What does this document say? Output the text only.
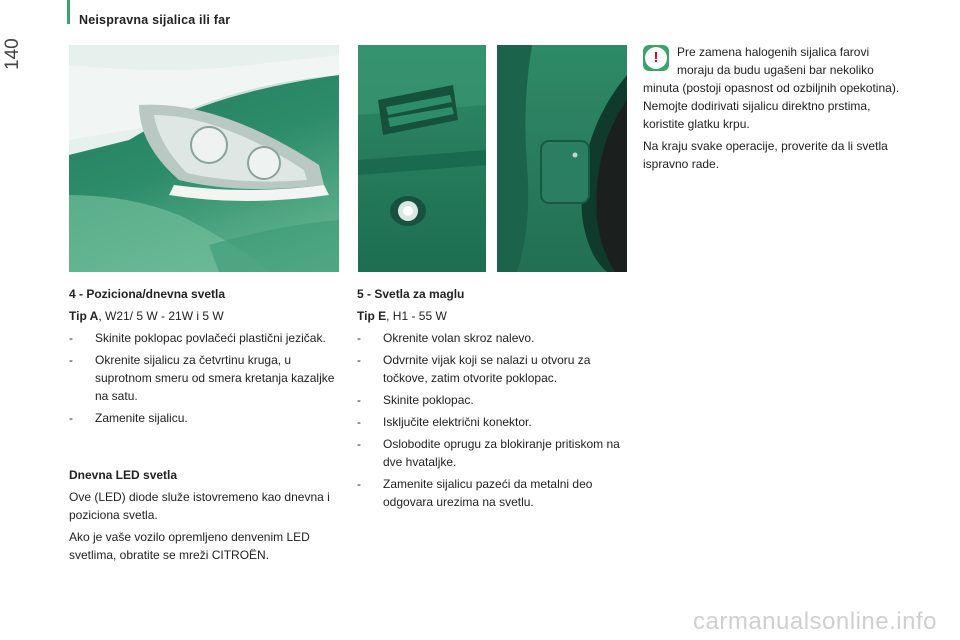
Neispravna sijalica ili far
140

4 - Poziciona/dnevna svetla

Tip A, W21/ 5 W - 21W i 5 W

- Skinite poklopac povlačeći plastični jezičak.
- Okrenite sijalicu za četvrtinu kruga, u suprotnom smeru od smera kretanja kazaljke na satu.
- Zamenite sijalicu.

Dnevna LED svetla

Ove (LED) diode služe istovremeno kao dnevna i poziciona svetla.

Ako je vaše vozilo opremljeno denvenim LED svetlima, obratite se mreži CITROËN.

5 - Svetla za maglu

Tip E, H1 - 55 W

- Okrenite volan skroz nalevo.
- Odvrnite vijak koji se nalazi u otvoru za točkove, zatim otvorite poklopac.
- Skinite poklopac.
- Isključite električni konektor.
- Oslobodite oprugu za blokiranje pritiskom na dve hvataljke.
- Zamenite sijalicu pazeći da metalni deo odgovara urezima na svetlu.
!	Pre zamena halogenih sijalica farovi moraju da budu ugašeni bar nekoliko minuta (postoji opasnost od ozbiljnih opekotina). Nemojte dodirivati sijalicu direktno prstima, koristite glatku krpu.

Na kraju svake operacije, proverite da li svetla ispravno rade.

carmanualsonline.info
